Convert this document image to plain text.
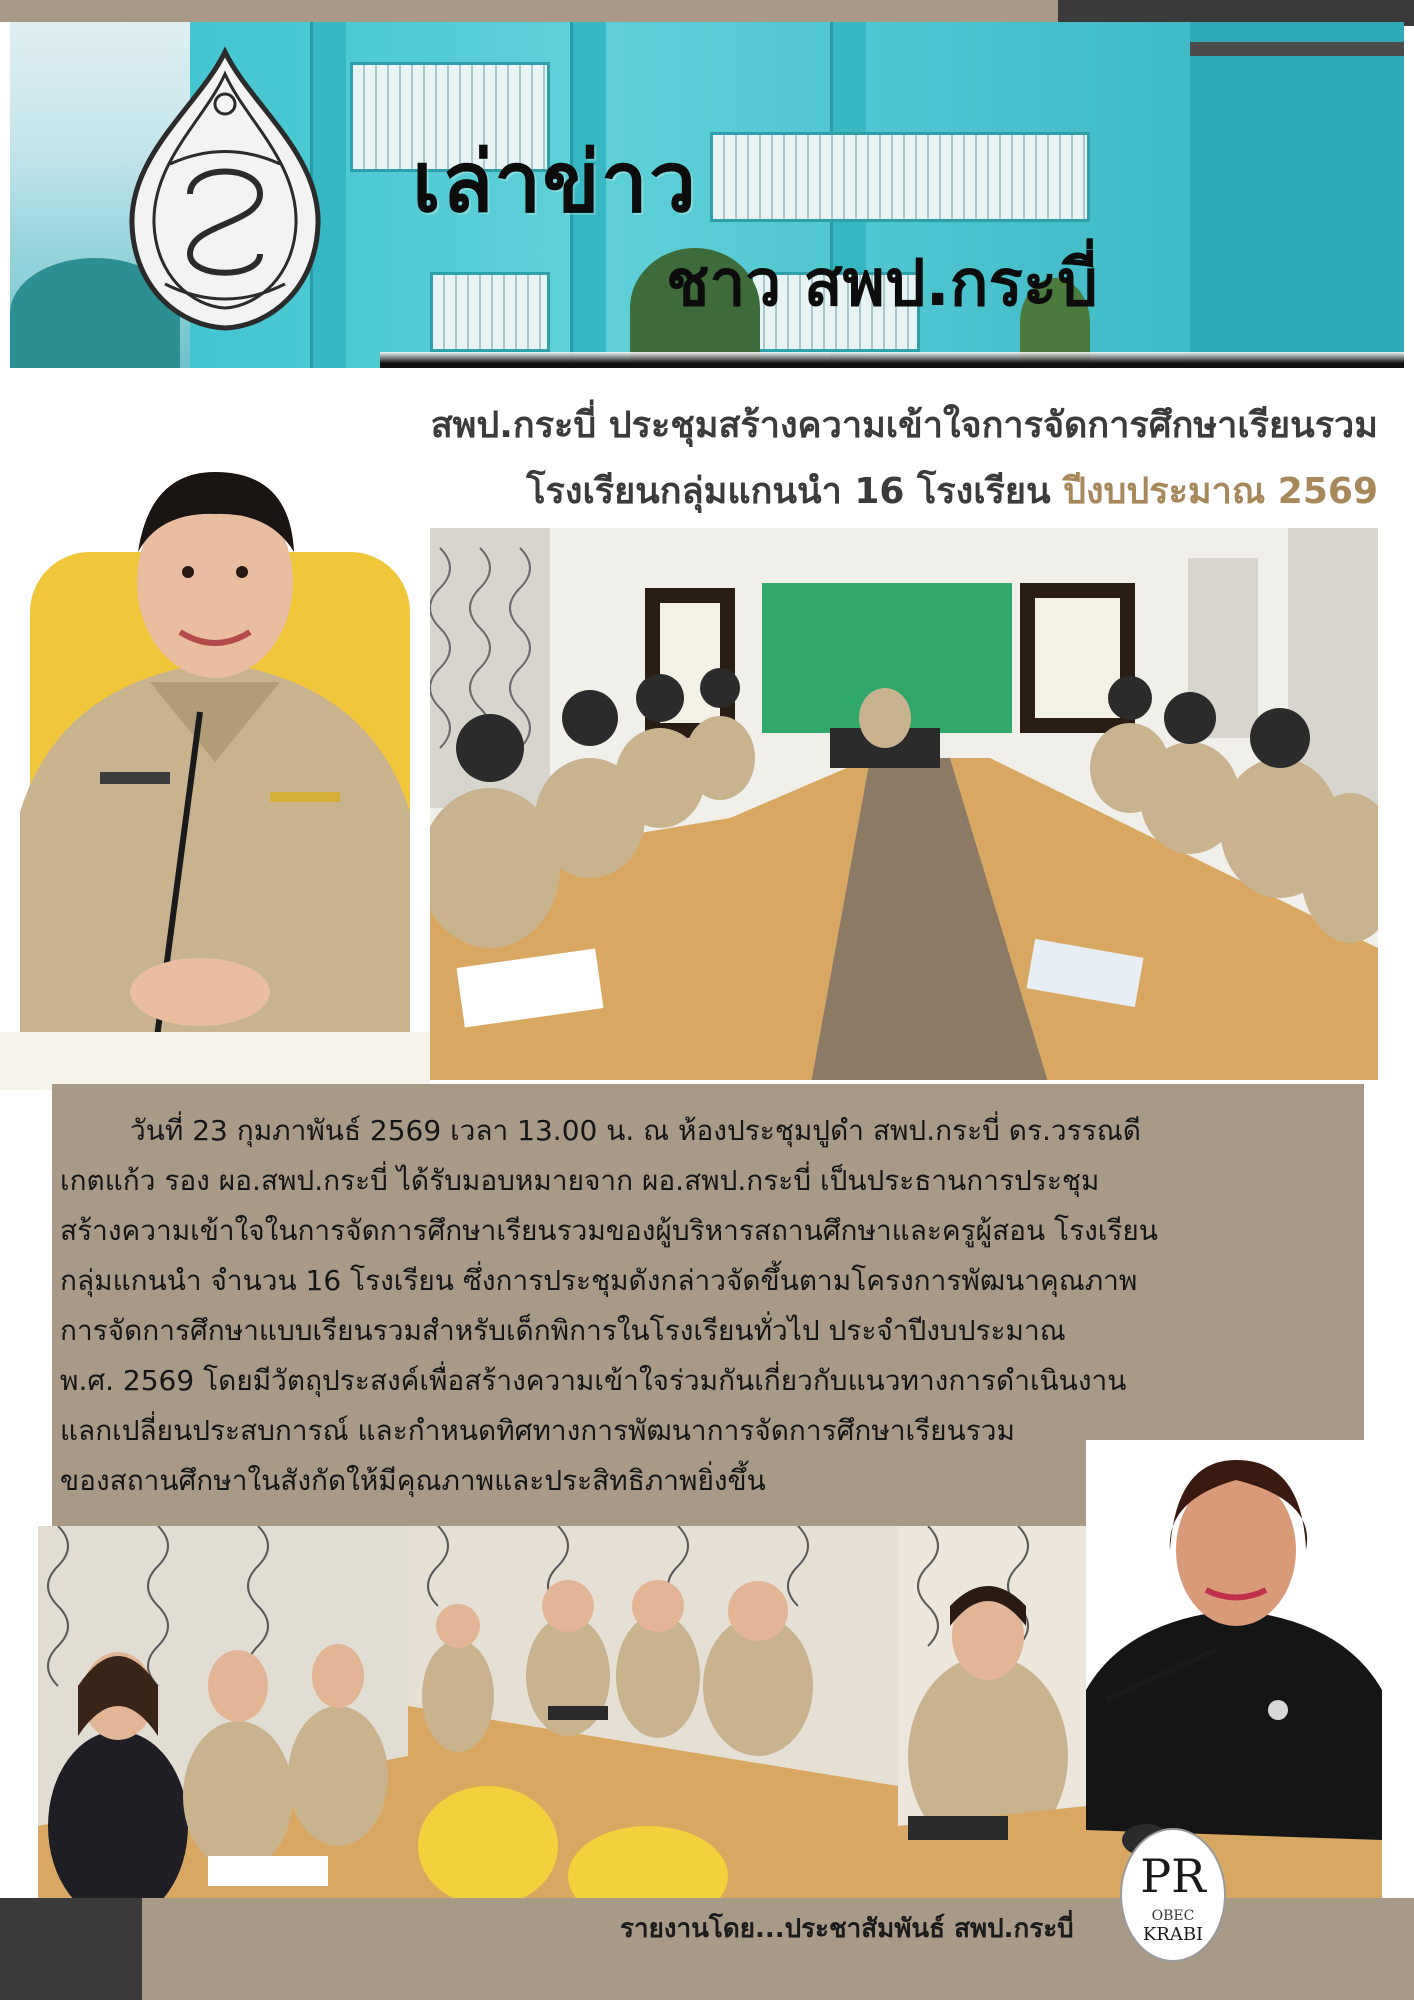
เล่าข่าว
ชาว สพป.กระบี่
สพป.กระบี่ ประชุมสร้างความเข้าใจการจัดการศึกษาเรียนรวม
โรงเรียนกลุ่มแกนนำ 16 โรงเรียน ปีงบประมาณ 2569
วันที่ 23 กุมภาพันธ์ 2569 เวลา 13.00 น. ณ ห้องประชุมปูดำ สพป.กระบี่ ดร.วรรณดี
เกตแก้ว รอง ผอ.สพป.กระบี่ ได้รับมอบหมายจาก ผอ.สพป.กระบี่ เป็นประธานการประชุม
สร้างความเข้าใจในการจัดการศึกษาเรียนรวมของผู้บริหารสถานศึกษาและครูผู้สอน โรงเรียน
กลุ่มแกนนำ จำนวน 16 โรงเรียน ซึ่งการประชุมดังกล่าวจัดขึ้นตามโครงการพัฒนาคุณภาพ
การจัดการศึกษาแบบเรียนรวมสำหรับเด็กพิการในโรงเรียนทั่วไป ประจำปีงบประมาณ
พ.ศ. 2569 โดยมีวัตถุประสงค์เพื่อสร้างความเข้าใจร่วมกันเกี่ยวกับแนวทางการดำเนินงาน
แลกเปลี่ยนประสบการณ์ และกำหนดทิศทางการพัฒนาการจัดการศึกษาเรียนรวม
ของสถานศึกษาในสังกัดให้มีคุณภาพและประสิทธิภาพยิ่งขึ้น
รายงานโดย...ประชาสัมพันธ์ สพป.กระบี่
PR
OBEC
KRABI
